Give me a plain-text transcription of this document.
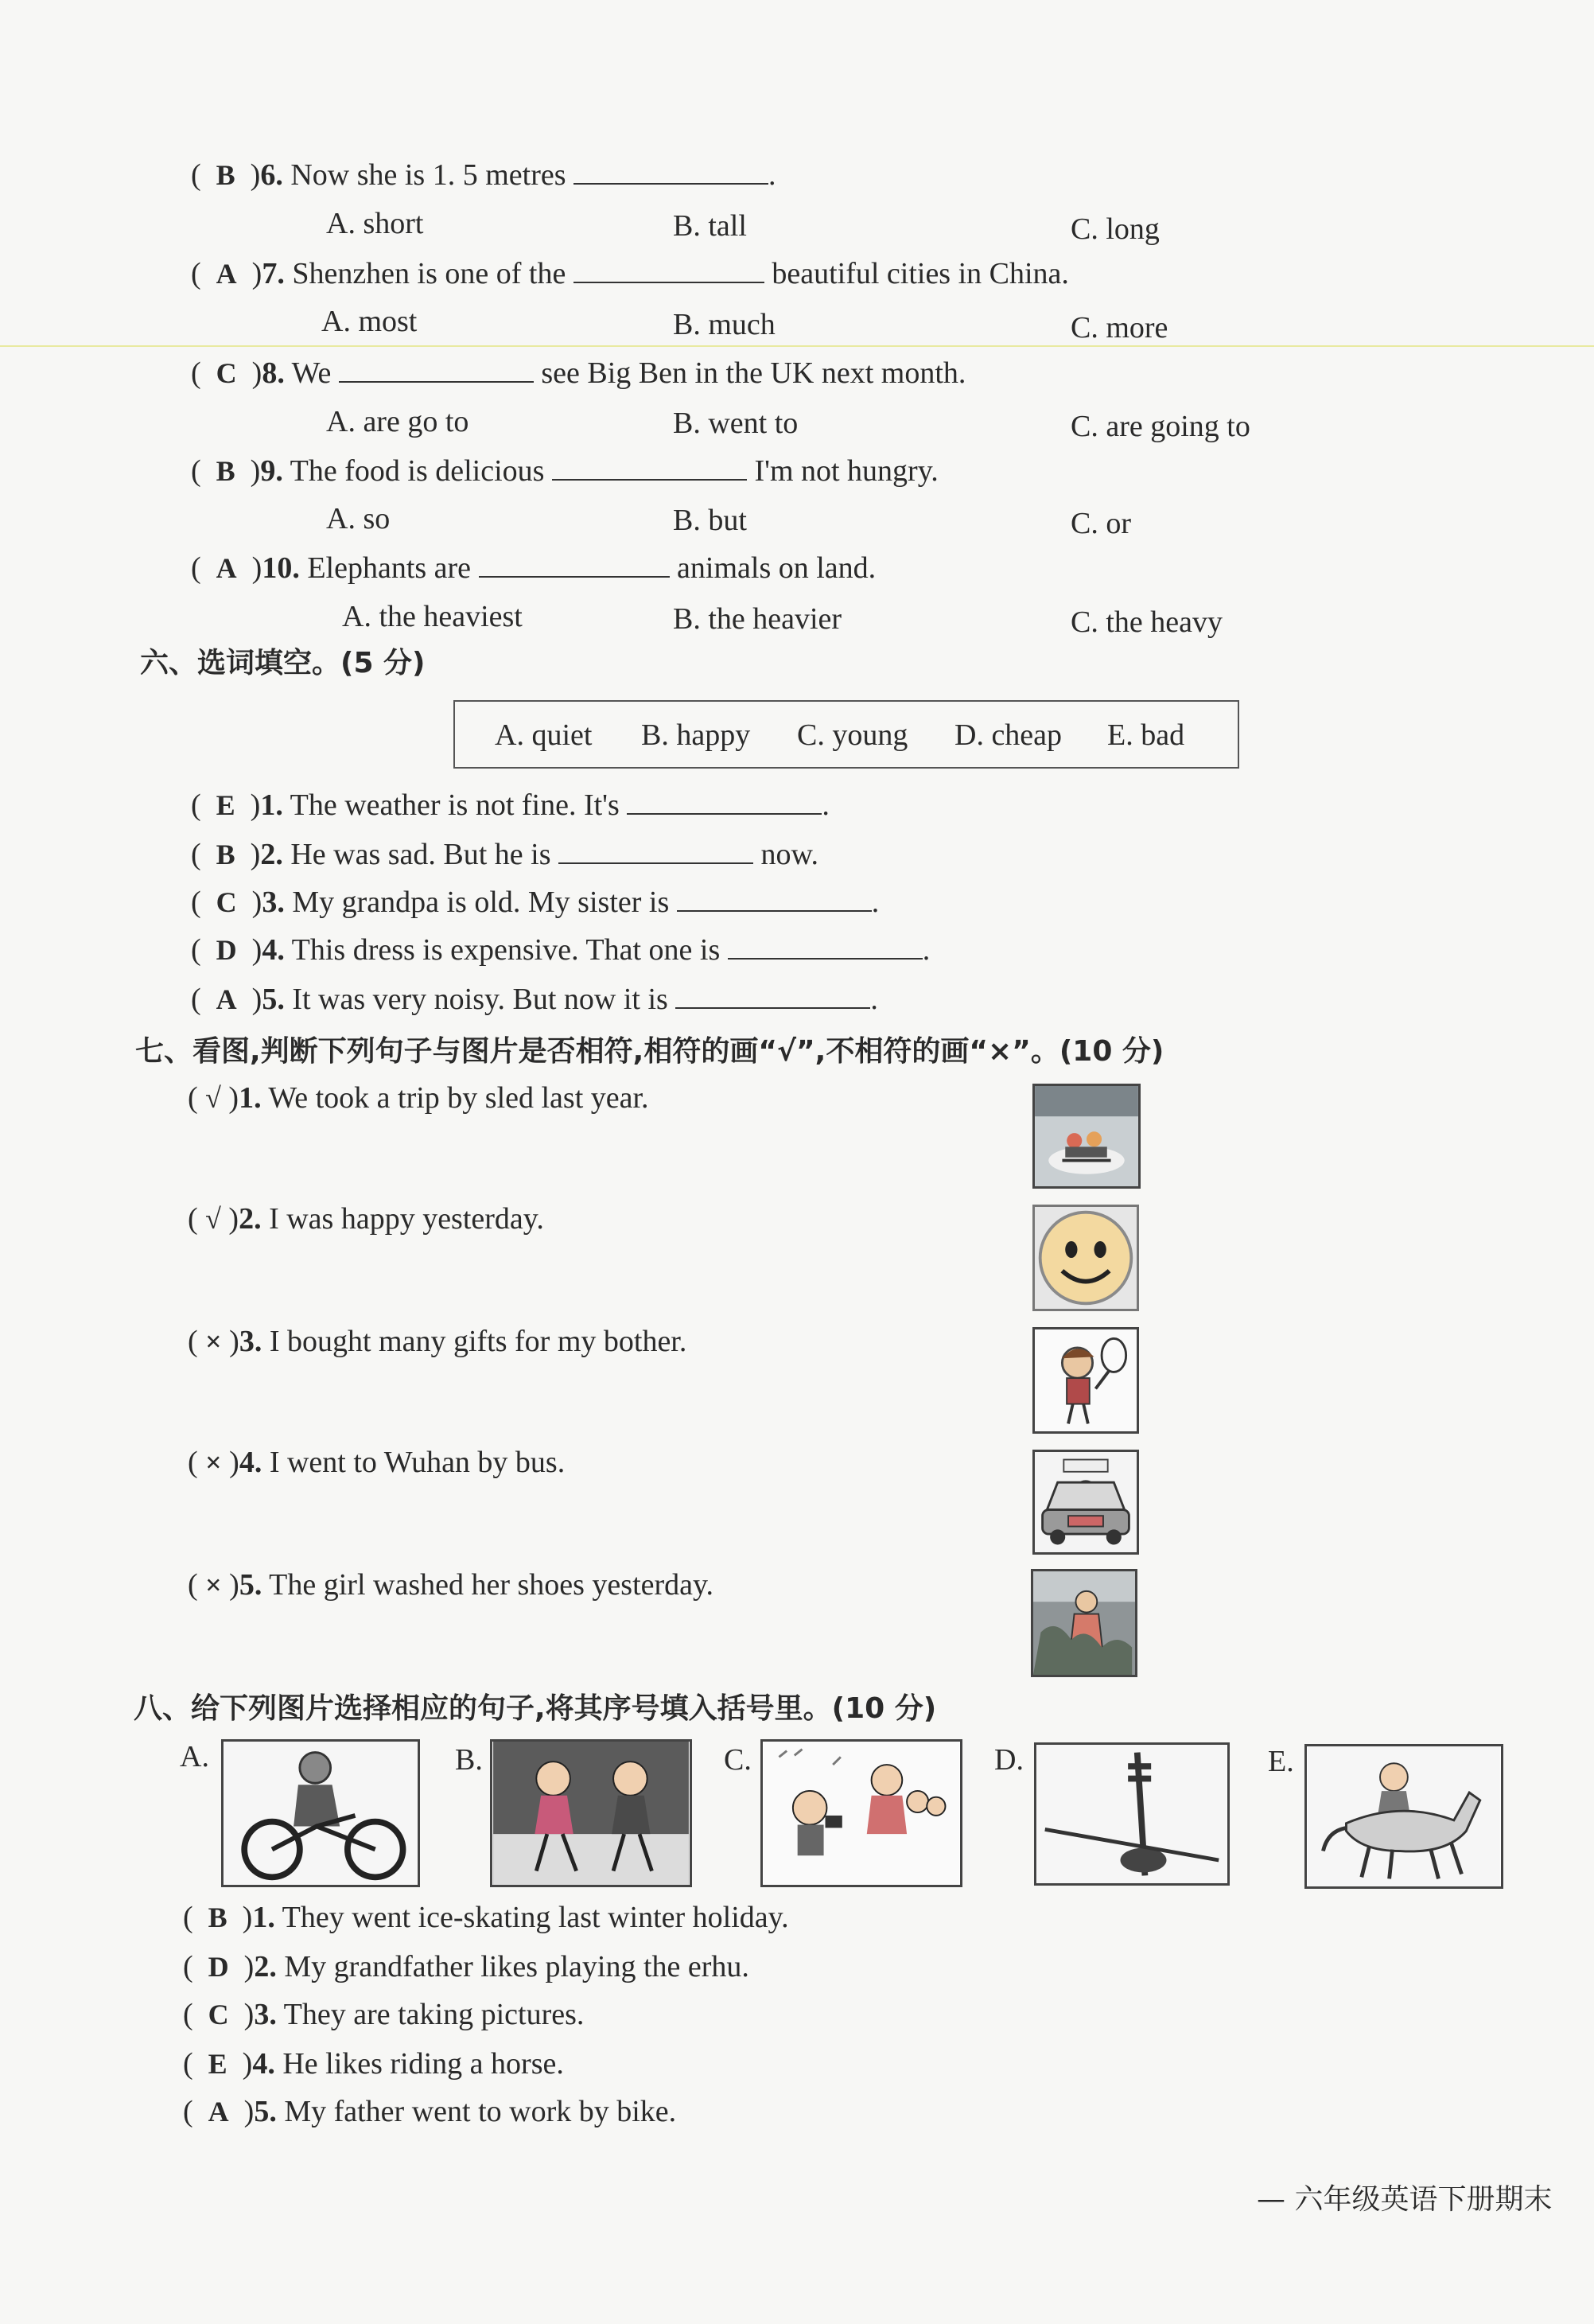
(  B  )6. Now she is 1. 5 metres	.
A. short	B. tall	C. long
(  A  )7. Shenzhen is one of the	beautiful cities in China.
A. most	B. much	C. more
(  C  )8. We	see Big Ben in the UK next month.
A. are go to	B. went to	C. are going to
(  B  )9. The food is delicious	I'm not hungry.
A. so	B. but	C. or
(  A  )10. Elephants are	animals on land.
A. the heaviest	B. the heavier	C. the heavy
六、选词填空。(5 分)
A. quiet B. happy C. young D. cheap E. bad
(  E  )1. The weather is not fine. It's	.
(  B  )2. He was sad. But he is	now.
(  C  )3. My grandpa is old. My sister is	.
(  D  )4. This dress is expensive. That one is	.
(  A  )5. It was very noisy. But now it is	.
七、看图,判断下列句子与图片是否相符,相符的画“√”,不相符的画“×”。(10 分)
( √ )1. We took a trip by sled last year.
( √ )2. I was happy yesterday.
( × )3. I bought many gifts for my bother.
( × )4. I went to Wuhan by bus.
( × )5. The girl washed her shoes yesterday.
八、给下列图片选择相应的句子,将其序号填入括号里。(10 分)
A.	B.	C.	D.	E.
(  B  )1. They went ice-skating last winter holiday.
(  D  )2. My grandfather likes playing the erhu.
(  C  )3. They are taking pictures.
(  E  )4. He likes riding a horse.
(  A  )5. My father went to work by bike.
— 六年级英语下册期末
